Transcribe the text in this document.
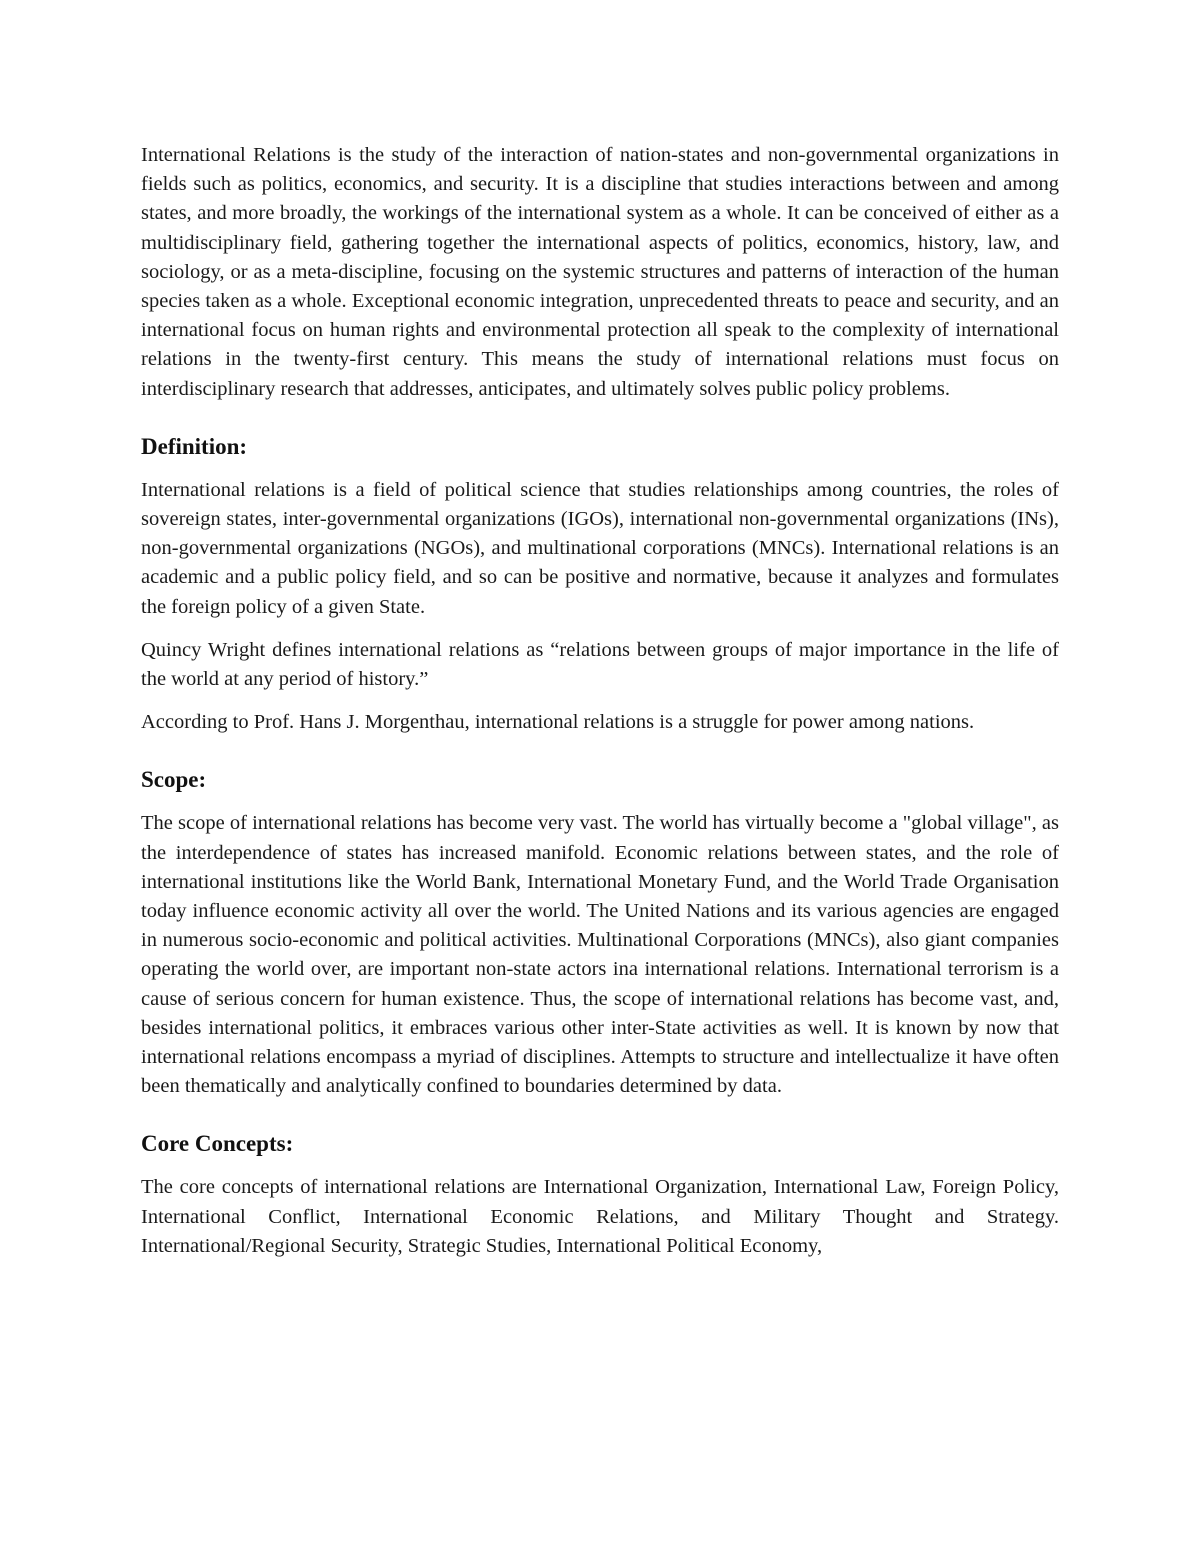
International Relations is the study of the interaction of nation-states and non-governmental organizations in fields such as politics, economics, and security. It is a discipline that studies interactions between and among states, and more broadly, the workings of the international system as a whole. It can be conceived of either as a multidisciplinary field, gathering together the international aspects of politics, economics, history, law, and sociology, or as a meta-discipline, focusing on the systemic structures and patterns of interaction of the human species taken as a whole. Exceptional economic integration, unprecedented threats to peace and security, and an international focus on human rights and environmental protection all speak to the complexity of international relations in the twenty-first century. This means the study of international relations must focus on interdisciplinary research that addresses, anticipates, and ultimately solves public policy problems.

Definition:

International relations is a field of political science that studies relationships among countries, the roles of sovereign states, inter-governmental organizations (IGOs), international non-governmental organizations (INs), non-governmental organizations (NGOs), and multinational corporations (MNCs). International relations is an academic and a public policy field, and so can be positive and normative, because it analyzes and formulates the foreign policy of a given State.

Quincy Wright defines international relations as “relations between groups of major importance in the life of the world at any period of history.”

According to Prof. Hans J. Morgenthau, international relations is a struggle for power among nations.

Scope:

The scope of international relations has become very vast. The world has virtually become a "global village", as the interdependence of states has increased manifold. Economic relations between states, and the role of international institutions like the World Bank, International Monetary Fund, and the World Trade Organisation today influence economic activity all over the world. The United Nations and its various agencies are engaged in numerous socio-economic and political activities. Multinational Corporations (MNCs), also giant companies operating the world over, are important non-state actors ina international relations. International terrorism is a cause of serious concern for human existence. Thus, the scope of international relations has become vast, and, besides international politics, it embraces various other inter-State activities as well. It is known by now that international relations encompass a myriad of disciplines. Attempts to structure and intellectualize it have often been thematically and analytically confined to boundaries determined by data.

Core Concepts:

The core concepts of international relations are International Organization, International Law, Foreign Policy, International Conflict, International Economic Relations, and Military Thought and Strategy. International/Regional Security, Strategic Studies, International Political Economy,
